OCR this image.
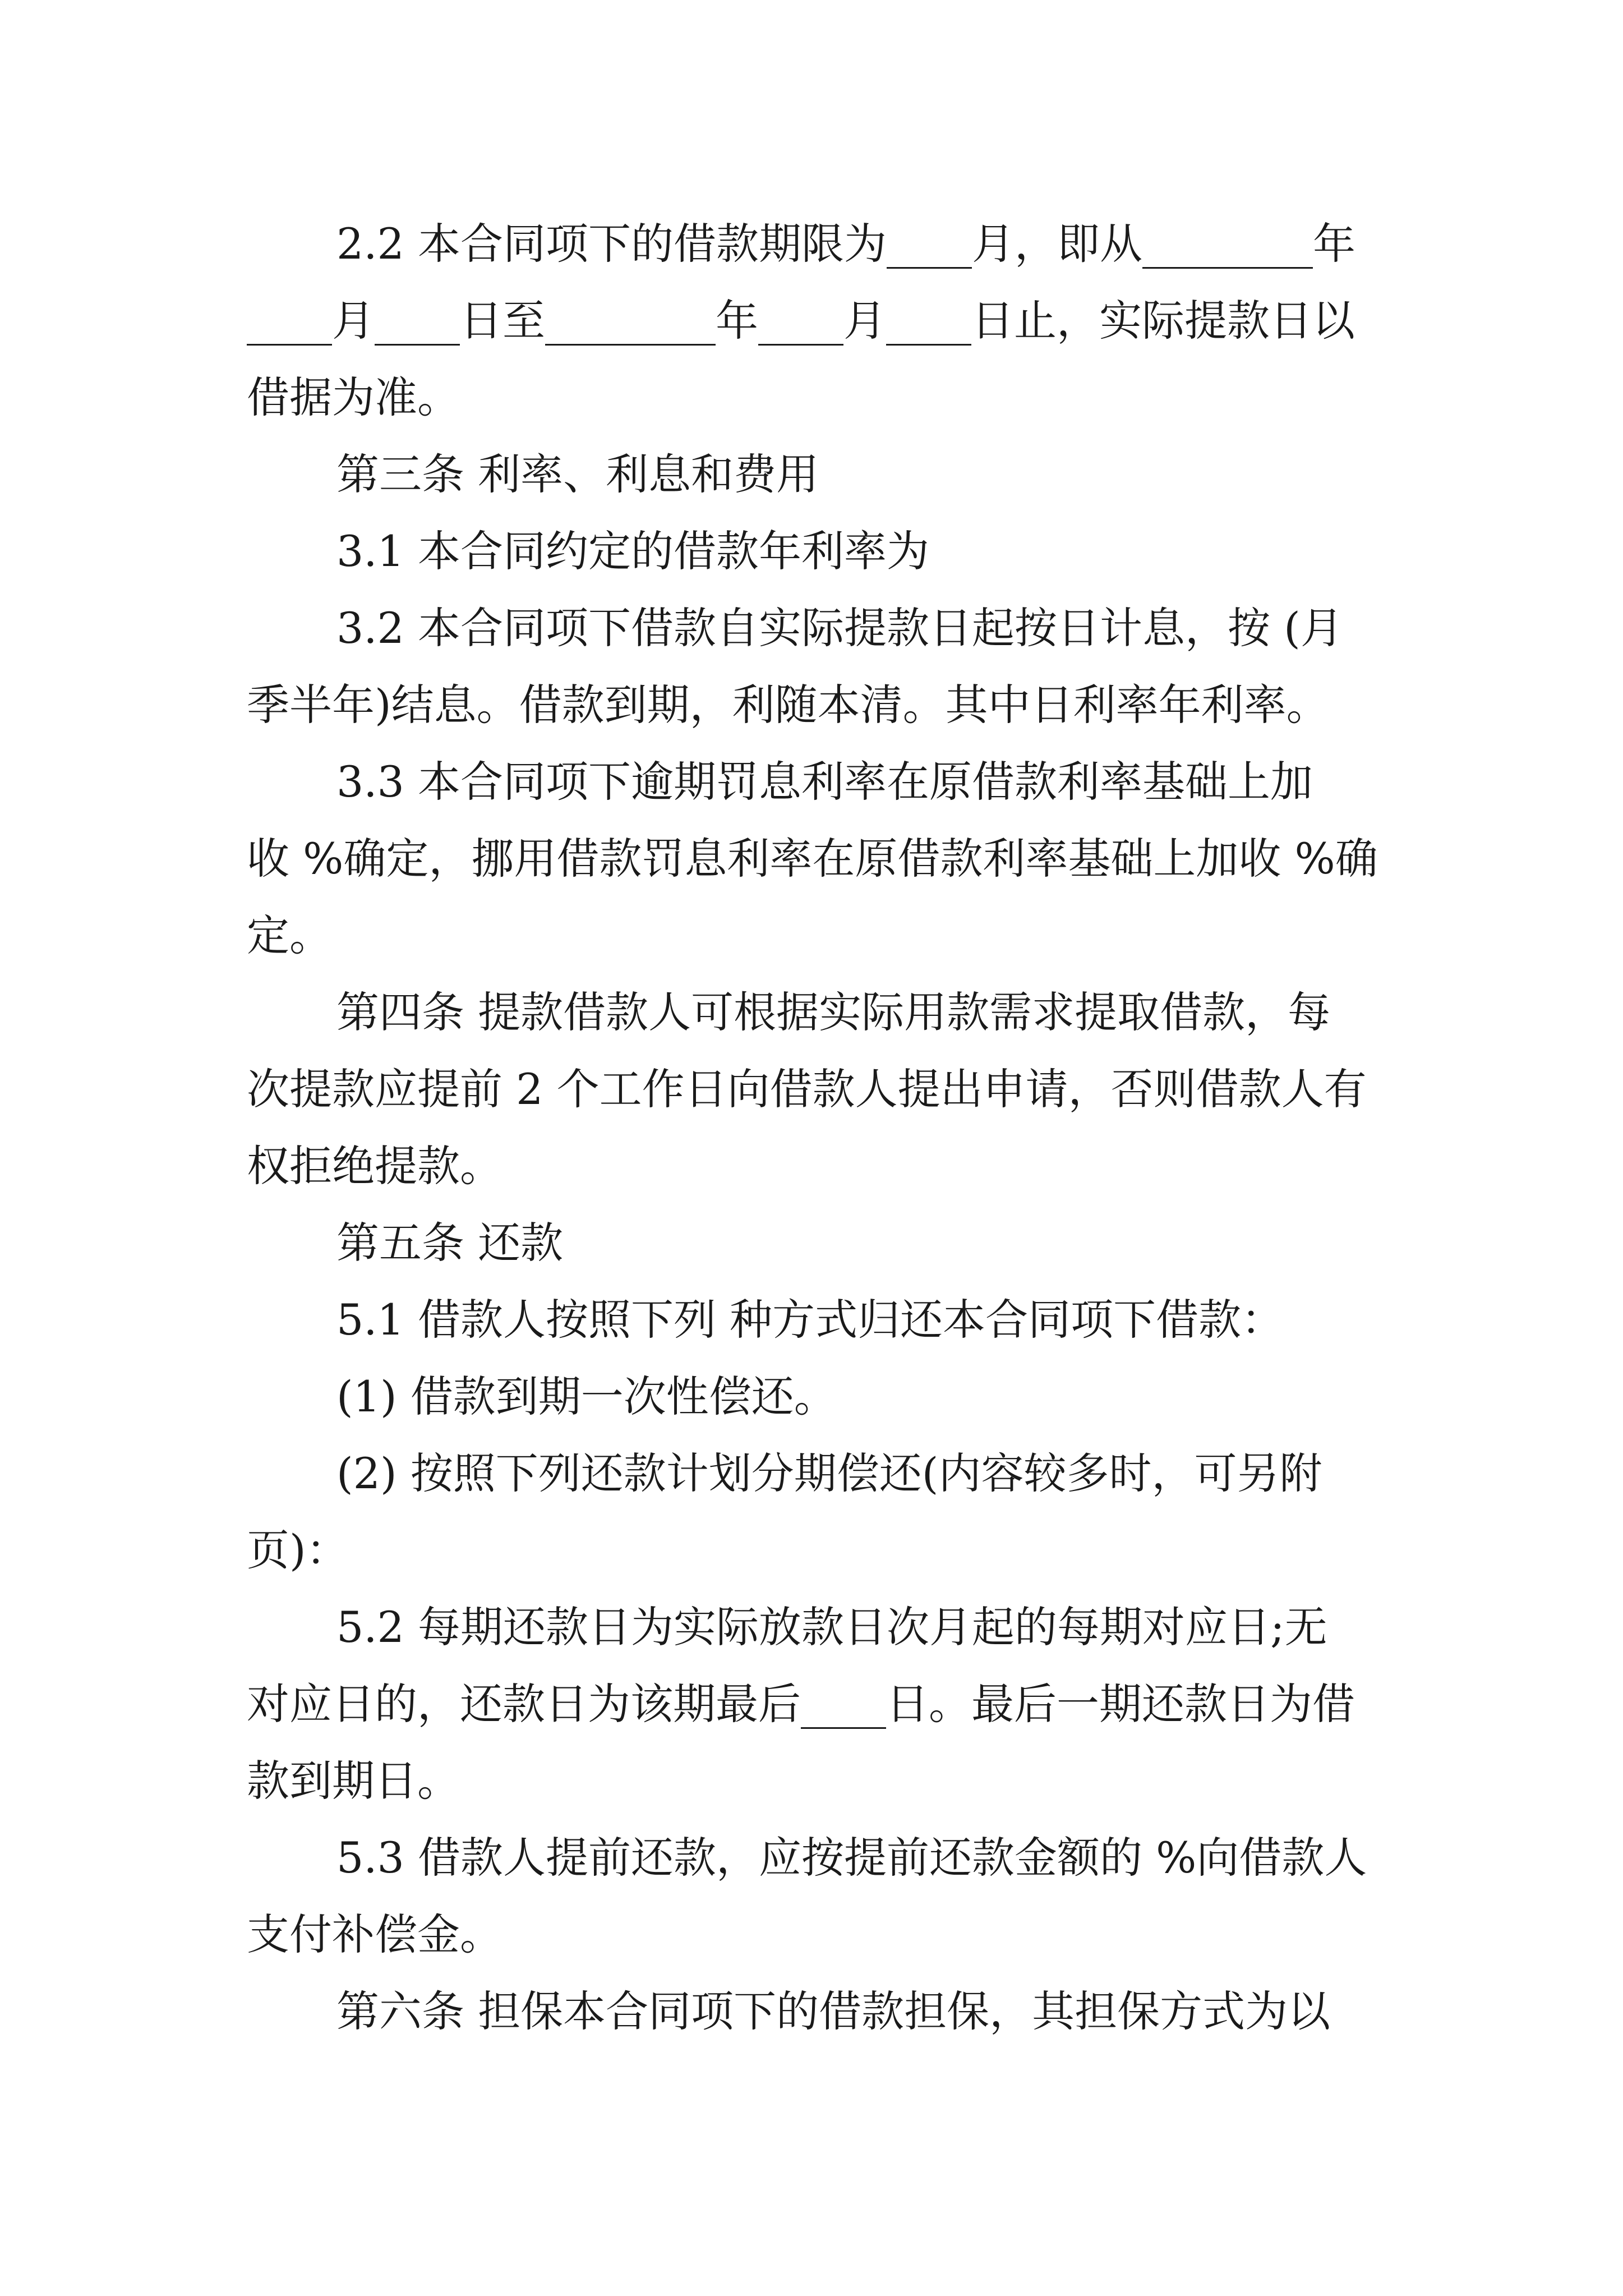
2.2 本合同项下的借款期限为____月，即从________年

____月____日至________年____月____日止，实际提款日以

借据为准。

第三条 利率、利息和费用

3.1 本合同约定的借款年利率为

3.2 本合同项下借款自实际提款日起按日计息，按 (月

季半年)结息。借款到期，利随本清。其中日利率年利率。

3.3 本合同项下逾期罚息利率在原借款利率基础上加

收 %确定，挪用借款罚息利率在原借款利率基础上加收 %确

定。

第四条 提款借款人可根据实际用款需求提取借款，每

次提款应提前 2 个工作日向借款人提出申请，否则借款人有

权拒绝提款。

第五条 还款

5.1 借款人按照下列 种方式归还本合同项下借款：

(1) 借款到期一次性偿还。

(2) 按照下列还款计划分期偿还(内容较多时，可另附

页)：

5.2 每期还款日为实际放款日次月起的每期对应日;无

对应日的，还款日为该期最后____日。最后一期还款日为借

款到期日。

5.3 借款人提前还款，应按提前还款金额的 %向借款人

支付补偿金。

第六条 担保本合同项下的借款担保，其担保方式为以
